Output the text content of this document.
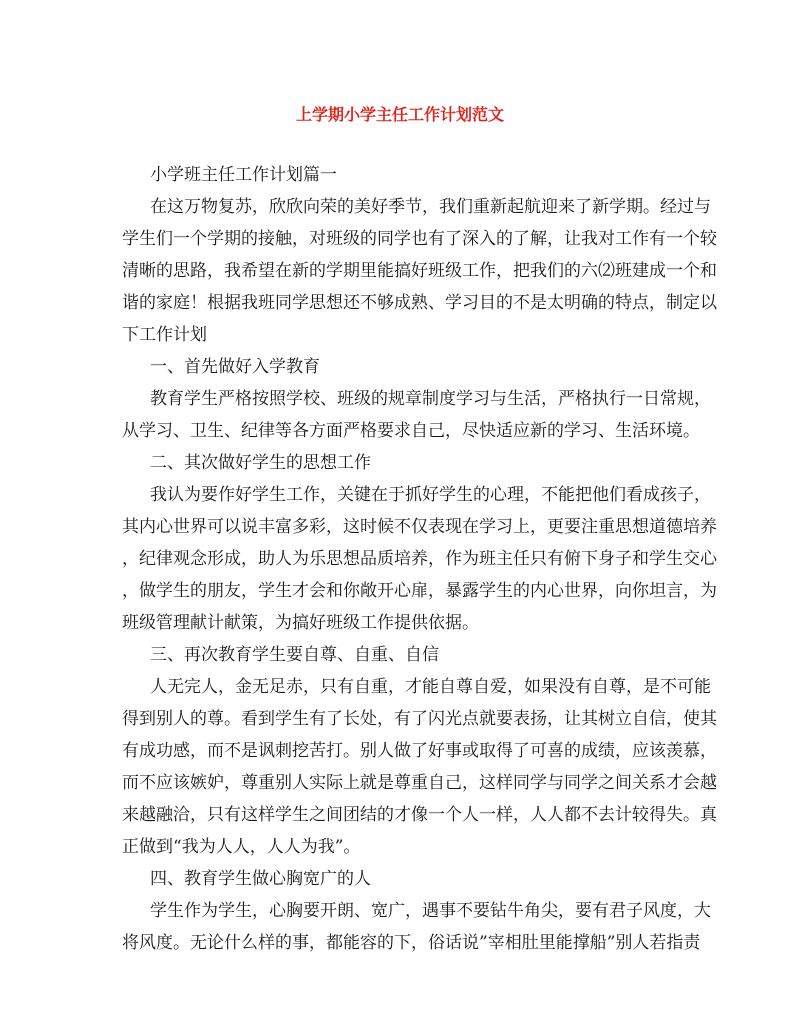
上学期小学主任工作计划范文
小学班主任工作计划篇一
在这万物复苏，欣欣向荣的美好季节，我们重新起航迎来了新学期。经过与
学生们一个学期的接触，对班级的同学也有了深入的了解，让我对工作有一个较
清晰的思路，我希望在新的学期里能搞好班级工作，把我们的六⑵班建成一个和
谐的家庭！根据我班同学思想还不够成熟、学习目的不是太明确的特点，制定以
下工作计划
一、首先做好入学教育
教育学生严格按照学校、班级的规章制度学习与生活，严格执行一日常规，
从学习、卫生、纪律等各方面严格要求自己，尽快适应新的学习、生活环境。
二、其次做好学生的思想工作
我认为要作好学生工作，关键在于抓好学生的心理，不能把他们看成孩子，
其内心世界可以说丰富多彩，这时候不仅表现在学习上，更要注重思想道德培养
，纪律观念形成，助人为乐思想品质培养，作为班主任只有俯下身子和学生交心
，做学生的朋友，学生才会和你敞开心扉，暴露学生的内心世界，向你坦言，为
班级管理献计献策，为搞好班级工作提供依据。
三、再次教育学生要自尊、自重、自信
人无完人，金无足赤，只有自重，才能自尊自爱，如果没有自尊，是不可能
得到别人的尊。看到学生有了长处，有了闪光点就要表扬，让其树立自信，使其
有成功感，而不是讽刺挖苦打。别人做了好事或取得了可喜的成绩，应该羡慕，
而不应该嫉妒，尊重别人实际上就是尊重自己，这样同学与同学之间关系才会越
来越融洽，只有这样学生之间团结的才像一个人一样，人人都不去计较得失。真
正做到“我为人人，人人为我”。
四、教育学生做心胸宽广的人
学生作为学生，心胸要开朗、宽广，遇事不要钻牛角尖，要有君子风度，大
将风度。无论什么样的事，都能容的下，俗话说”宰相肚里能撑船”别人若指责
